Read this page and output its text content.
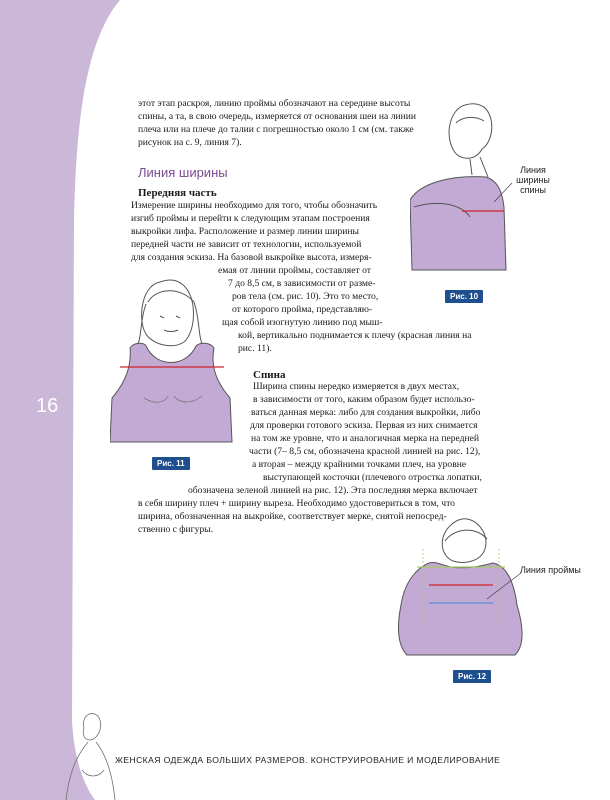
16
этот этап раскроя, линию проймы обозначают на середине высоты
спины, а та, в свою очередь, измеряется от основания шеи на линии
плеча или на плече до талии с погрешностью около 1 см (см. также
рисунок на с. 9, линия 7).
Линия ширины
Передняя часть
Измерение ширины необходимо для того, чтобы обозначить
изгиб проймы и перейти к следующим этапам построения
выкройки лифа. Расположение и размер линии ширины
передней части не зависит от технологии, используемой
для создания эскиза. На базовой выкройке высота, измеря-
емая от линии проймы, составляет от
7 до 8,5 см, в зависимости от разме-
ров тела (см. рис. 10). Это то место,
от которого пройма, представляю-
щая собой изогнутую линию под мыш-
кой, вертикально поднимается к плечу (красная линия на
рис. 11).
Линия
ширины
спины
Рис. 10
Рис. 11
Спина
Ширина спины нередко измеряется в двух местах,
в зависимости от того, каким образом будет использо-
ваться данная мерка: либо для создания выкройки, либо
для проверки готового эскиза. Первая из них снимается
на том же уровне, что и аналогичная мерка на передней
части (7– 8,5 см, обозначена красной линией на рис. 12),
а вторая – между крайними точками плеч, на уровне
выступающей косточки (плечевого отростка лопатки,
обозначена зеленой линией на рис. 12). Эта последняя мерка включает
в себя ширину плеч + ширину выреза. Необходимо удостовериться в том, что
ширина, обозначенная на выкройке, соответствует мерке, снятой непосред-
ственно с фигуры.
Линия проймы
Рис. 12
ЖЕНСКАЯ ОДЕЖДА БОЛЬШИХ РАЗМЕРОВ. КОНСТРУИРОВАНИЕ И МОДЕЛИРОВАНИЕ
